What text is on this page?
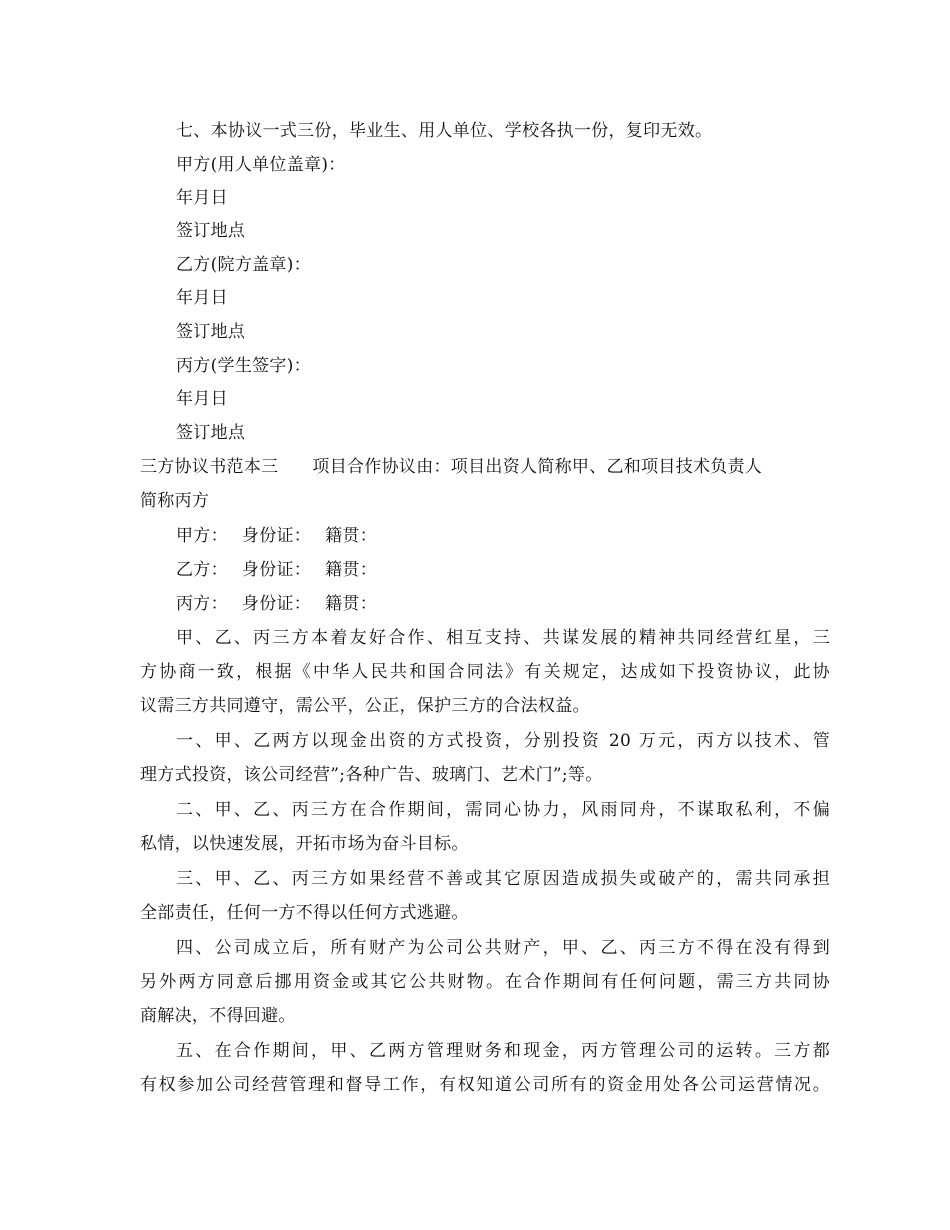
七、本协议一式三份，毕业生、用人单位、学校各执一份，复印无效。
甲方(用人单位盖章)：
年月日
签订地点
乙方(院方盖章)：
年月日
签订地点
丙方(学生签字)：
年月日
签订地点
三方协议书范本三 项目合作协议由：项目出资人简称甲、乙和项目技术负责人
简称丙方
甲方： 身份证： 籍贯：
乙方： 身份证： 籍贯：
丙方： 身份证： 籍贯：
甲、乙、丙三方本着友好合作、相互支持、共谋发展的精神共同经营红星，三
方协商一致，根据《中华人民共和国合同法》有关规定，达成如下投资协议，此协
议需三方共同遵守，需公平，公正，保护三方的合法权益。
一、甲、乙两方以现金出资的方式投资，分别投资 20 万元，丙方以技术、管
理方式投资，该公司经营”;各种广告、玻璃门、艺术门”;等。
二、甲、乙、丙三方在合作期间，需同心协力，风雨同舟，不谋取私利，不偏
私情，以快速发展，开拓市场为奋斗目标。
三、甲、乙、丙三方如果经营不善或其它原因造成损失或破产的，需共同承担
全部责任，任何一方不得以任何方式逃避。
四、公司成立后，所有财产为公司公共财产，甲、乙、丙三方不得在没有得到
另外两方同意后挪用资金或其它公共财物。在合作期间有任何问题，需三方共同协
商解决，不得回避。
五、在合作期间，甲、乙两方管理财务和现金，丙方管理公司的运转。三方都
有权参加公司经营管理和督导工作，有权知道公司所有的资金用处各公司运营情况。
